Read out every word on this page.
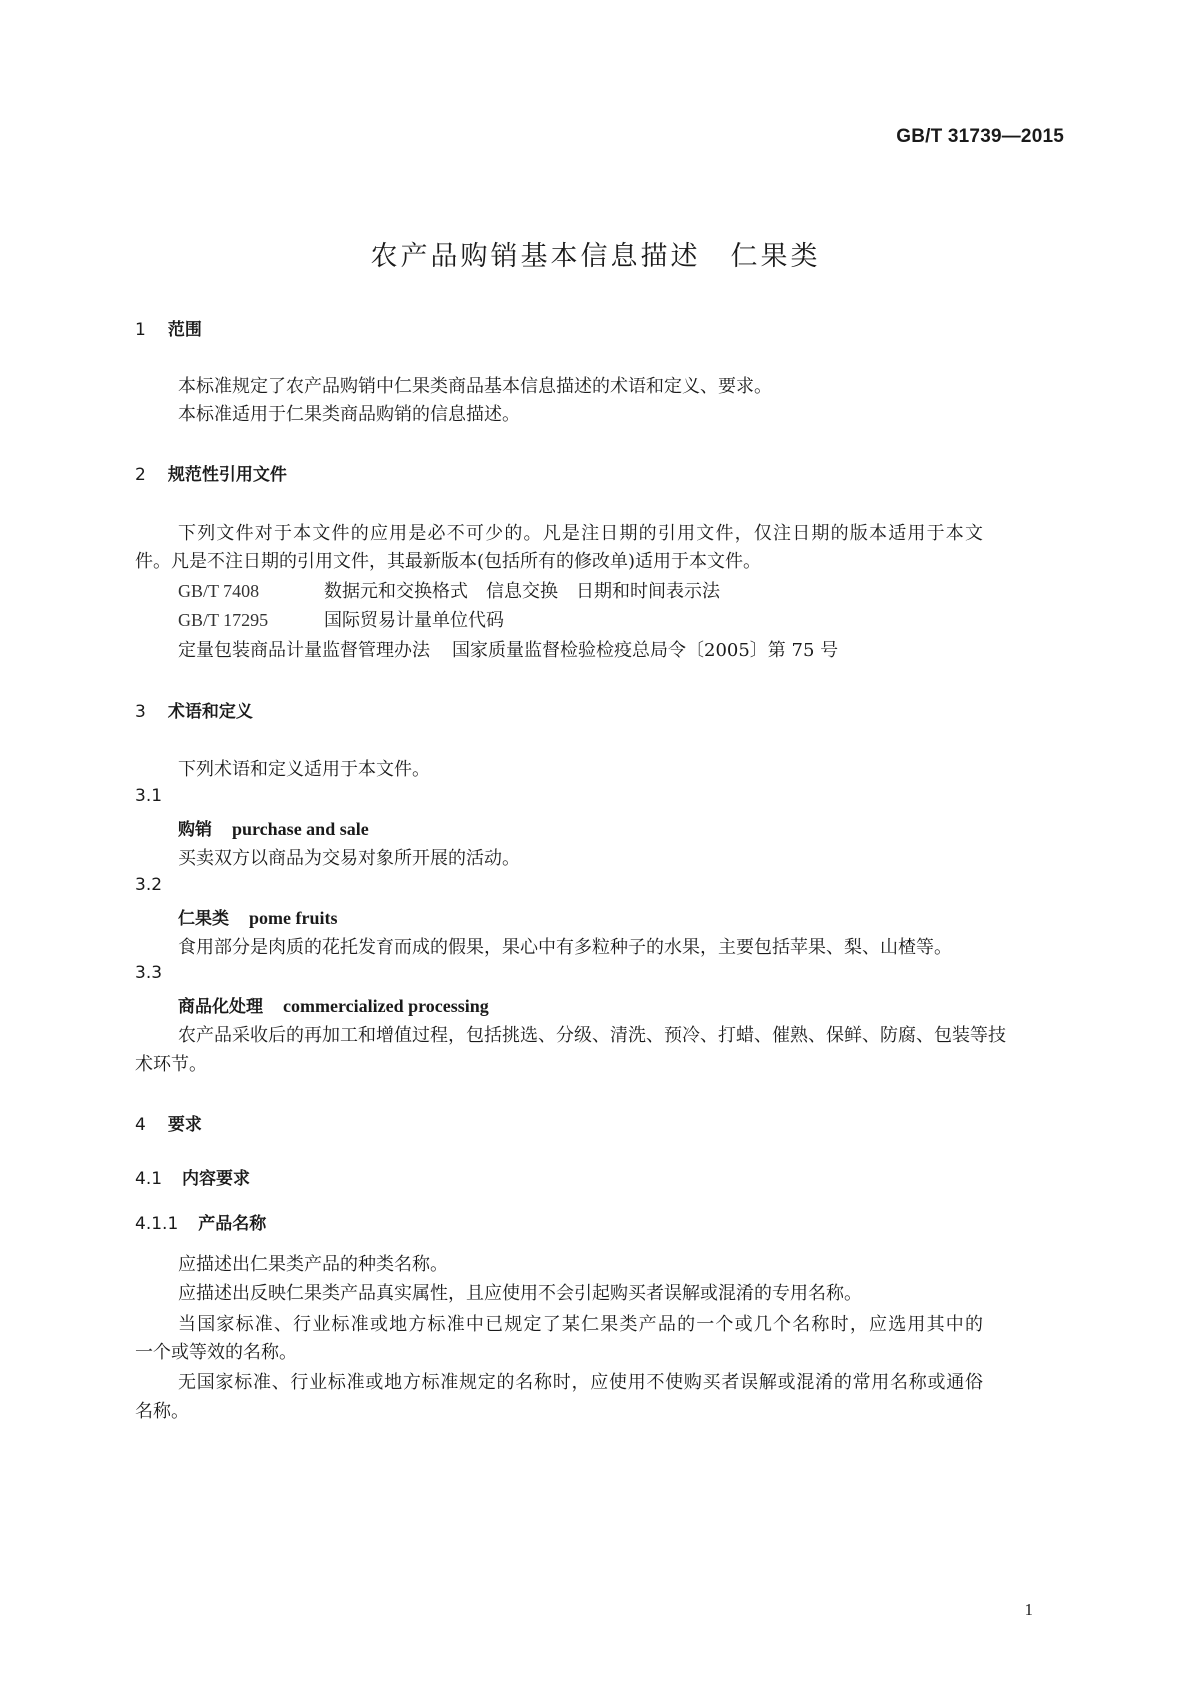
GB/T 31739—2015
农产品购销基本信息描述　仁果类
1 范围
本标准规定了农产品购销中仁果类商品基本信息描述的术语和定义、要求。
本标准适用于仁果类商品购销的信息描述。
2 规范性引用文件
下列文件对于本文件的应用是必不可少的。凡是注日期的引用文件，仅注日期的版本适用于本文
件。凡是不注日期的引用文件，其最新版本(包括所有的修改单)适用于本文件。
GB/T 7408	数据元和交换格式　信息交换　日期和时间表示法
GB/T 17295	国际贸易计量单位代码
定量包装商品计量监督管理办法 国家质量监督检验检疫总局令〔2005〕第 75 号
3 术语和定义
下列术语和定义适用于本文件。
3.1
购销 purchase and sale
买卖双方以商品为交易对象所开展的活动。
3.2
仁果类 pome fruits
食用部分是肉质的花托发育而成的假果，果心中有多粒种子的水果，主要包括苹果、梨、山楂等。
3.3
商品化处理 commercialized processing
农产品采收后的再加工和增值过程，包括挑选、分级、清洗、预冷、打蜡、催熟、保鲜、防腐、包装等技
术环节。
4 要求
4.1 内容要求
4.1.1 产品名称
应描述出仁果类产品的种类名称。
应描述出反映仁果类产品真实属性，且应使用不会引起购买者误解或混淆的专用名称。
当国家标准、行业标准或地方标准中已规定了某仁果类产品的一个或几个名称时，应选用其中的
一个或等效的名称。
无国家标准、行业标准或地方标准规定的名称时，应使用不使购买者误解或混淆的常用名称或通俗
名称。
1
